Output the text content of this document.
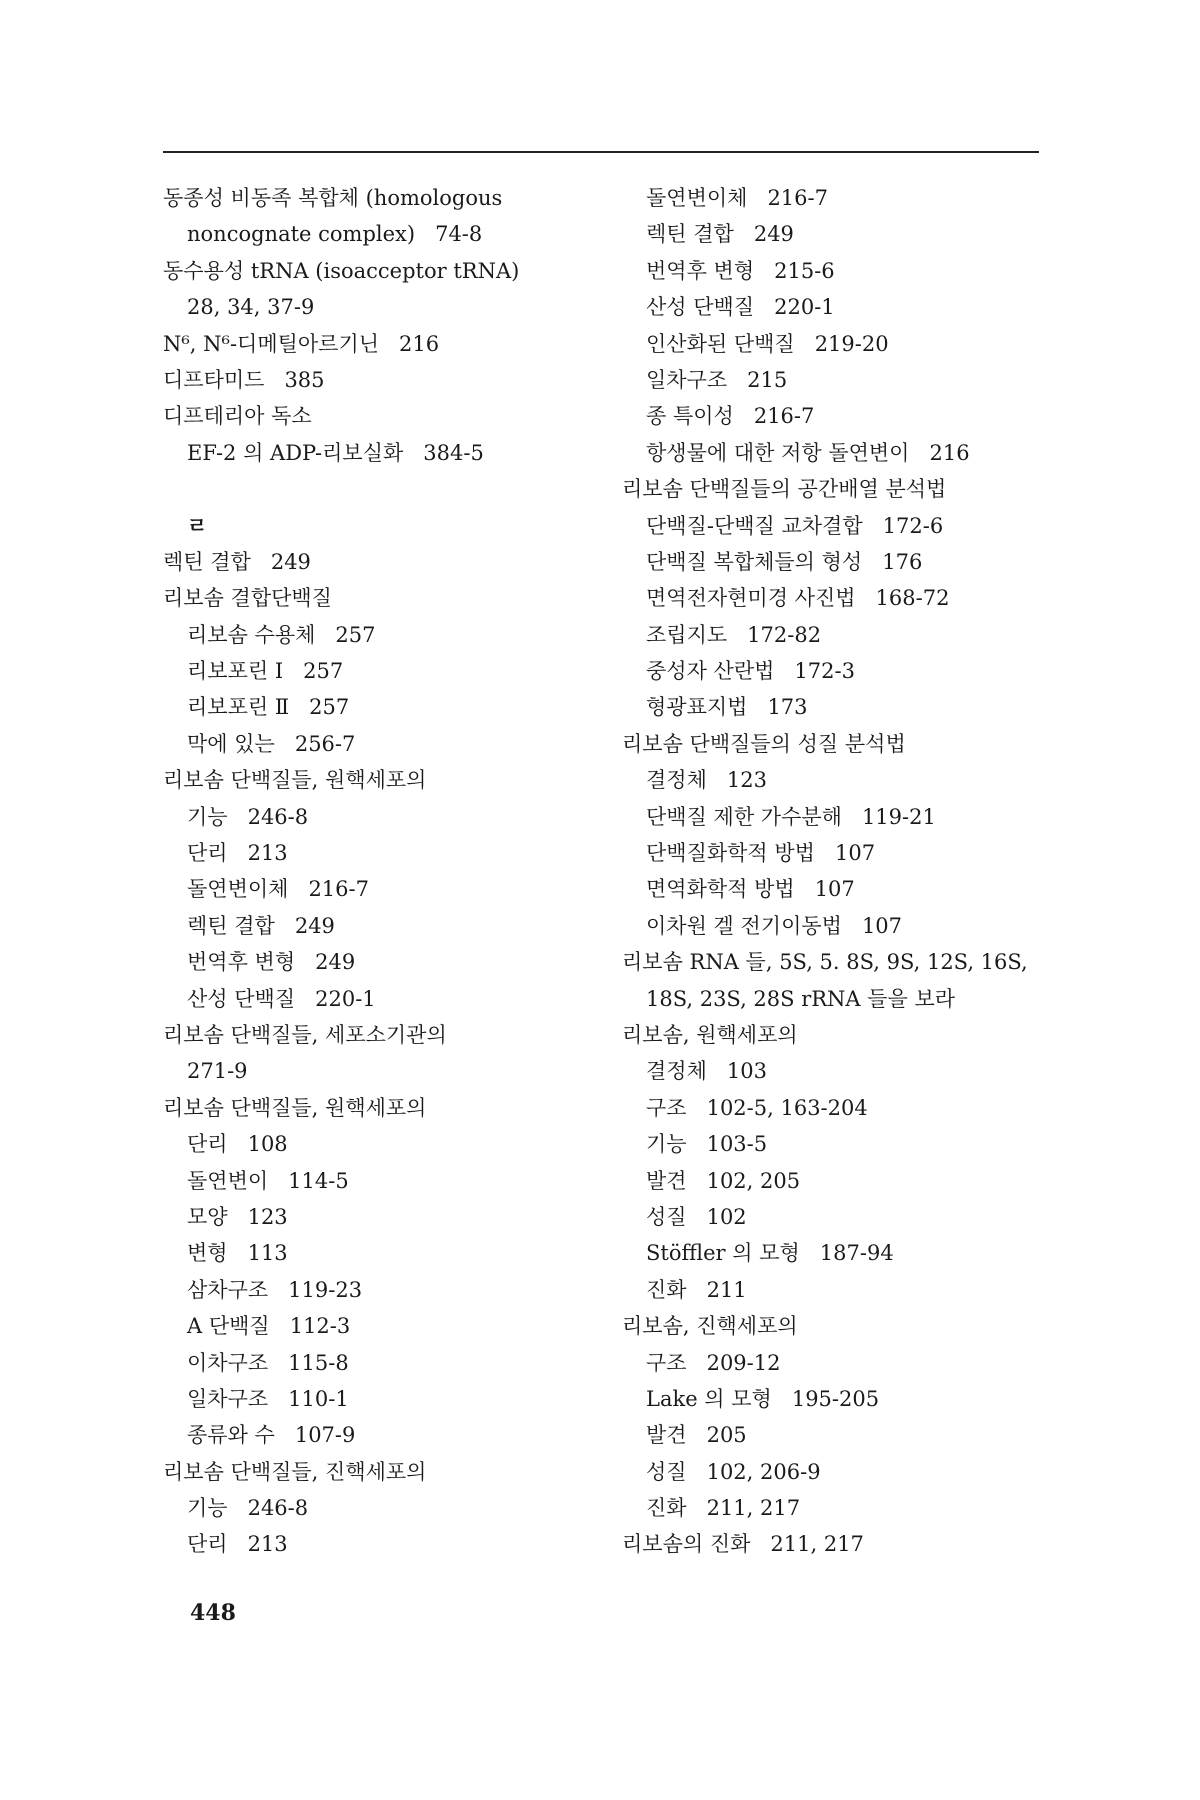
동종성 비동족 복합체 (homologous
noncognate complex) 74-8
동수용성 tRNA (isoacceptor tRNA)
28, 34, 37-9
N⁶, N⁶-디메틸아르기닌 216
디프타미드 385
디프테리아 독소
EF-2 의 ADP-리보실화 384-5
ㄹ
렉틴 결합 249
리보솜 결합단백질
리보솜 수용체 257
리보포린 Ⅰ 257
리보포린 Ⅱ 257
막에 있는 256-7
리보솜 단백질들, 원핵세포의
기능 246-8
단리 213
돌연변이체 216-7
렉틴 결합 249
번역후 변형 249
산성 단백질 220-1
리보솜 단백질들, 세포소기관의
271-9
리보솜 단백질들, 원핵세포의
단리 108
돌연변이 114-5
모양 123
변형 113
삼차구조 119-23
A 단백질 112-3
이차구조 115-8
일차구조 110-1
종류와 수 107-9
리보솜 단백질들, 진핵세포의
기능 246-8
단리 213
돌연변이체 216-7
렉틴 결합 249
번역후 변형 215-6
산성 단백질 220-1
인산화된 단백질 219-20
일차구조 215
종 특이성 216-7
항생물에 대한 저항 돌연변이 216
리보솜 단백질들의 공간배열 분석법
단백질-단백질 교차결합 172-6
단백질 복합체들의 형성 176
면역전자현미경 사진법 168-72
조립지도 172-82
중성자 산란법 172-3
형광표지법 173
리보솜 단백질들의 성질 분석법
결정체 123
단백질 제한 가수분해 119-21
단백질화학적 방법 107
면역화학적 방법 107
이차원 겔 전기이동법 107
리보솜 RNA 들, 5S, 5. 8S, 9S, 12S, 16S,
18S, 23S, 28S rRNA 들을 보라
리보솜, 원핵세포의
결정체 103
구조 102-5, 163-204
기능 103-5
발견 102, 205
성질 102
Stöffler 의 모형 187-94
진화 211
리보솜, 진핵세포의
구조 209-12
Lake 의 모형 195-205
발견 205
성질 102, 206-9
진화 211, 217
리보솜의 진화 211, 217
448
